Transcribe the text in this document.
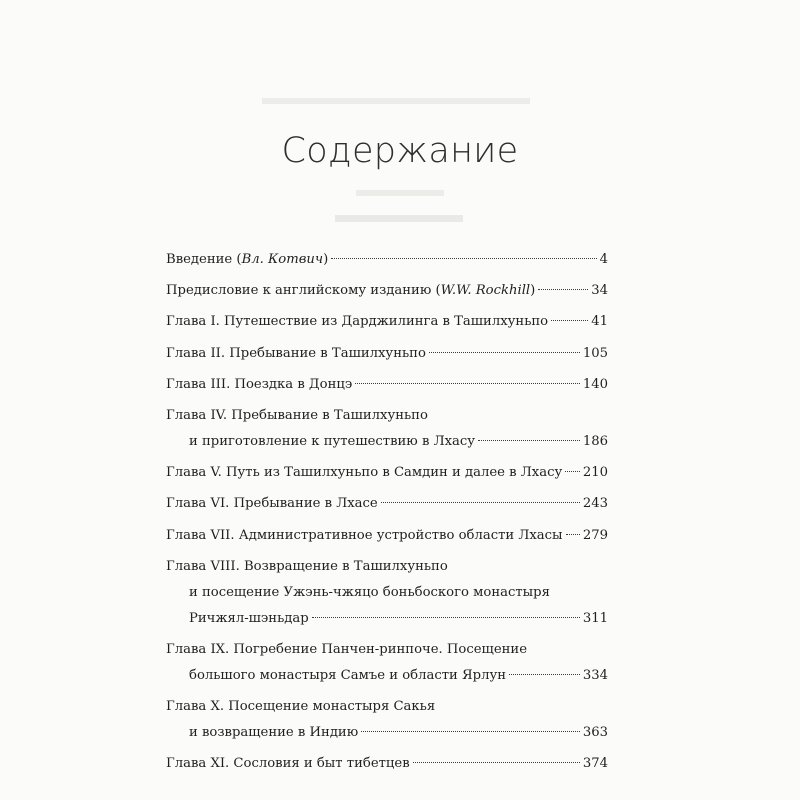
Содержание
Введение (Вл. Котвич)	4
Предисловие к английскому изданию (W.W. Rockhill)	34
Глава I. Путешествие из Дарджилинга в Ташилхуньпо	41
Глава II. Пребывание в Ташилхуньпо	105
Глава III. Поездка в Донцэ	140
Глава IV. Пребывание в Ташилхуньпо
и приготовление к путешествию в Лхасу	186
Глава V. Путь из Ташилхуньпо в Самдин и далее в Лхасу 210
Глава VI. Пребывание в Лхасе	243
Глава VII. Административное устройство области Лхасы 279
Глава VIII. Возвращение в Ташилхуньпо
и посещение Ужэнь-чжяцо боньбоского монастыря
Ричжял-шэньдар	311
Глава IX. Погребение Панчен-ринпоче. Посещение
большого монастыря Самъе и области Ярлун	334
Глава X. Посещение монастыря Сакья
и возвращение в Индию	363
Глава XI. Сословия и быт тибетцев	374
